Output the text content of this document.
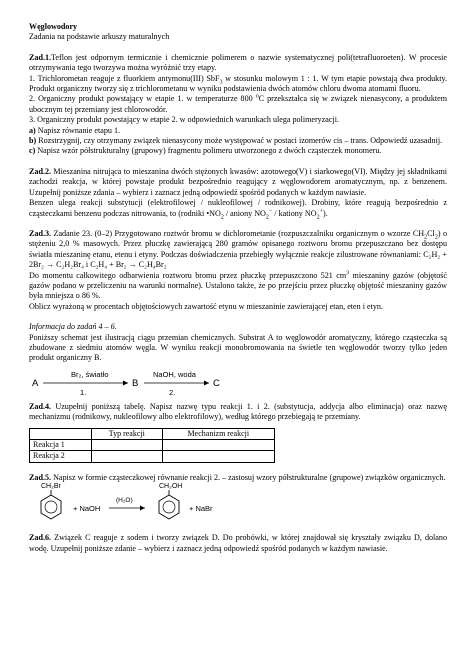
Węglowodory

Zadania na podstawie arkuszy maturalnych

Zad.1.Teflon jest odpornym termicznie i chemicznie polimerem o nazwie systematycznej poli(tetrafluoroeten). W procesie otrzymywania tego tworzywa można wyróżnić trzy etapy.

1. Trichlorometan reaguje z fluorkiem antymonu(III) SbF$_3$ w stosunku molowym 1 : 1. W tym etapie powstają dwa produkty. Produkt organiczny tworzy się z trichlorometanu w wyniku podstawienia dwóch atomów chloru dwoma atomami fluoru.

2. Organiczny produkt powstający w etapie 1. w temperaturze 800 $^o$C przekształca się w związek nienasycony, a produktem ubocznym tej przemiany jest chlorowodór.

3. Organiczny produkt powstający w etapie 2. w odpowiednich warunkach ulega polimeryzacji.

a) Napisz równanie etapu 1.

b) Rozstrzygnij, czy otrzymany związek nienasycony może występować w postaci izomerów cis – trans. Odpowiedź uzasadnij.

c) Napisz wzór półstrukturalny (grupowy) fragmentu polimeru utworzonego z dwóch cząsteczek monomeru.

Zad.2. Mieszanina nitrująca to mieszanina dwóch stężonych kwasów: azotowego(V) i siarkowego(VI). Między jej składnikami zachodzi reakcja, w której powstaje produkt bezpośrednio reagujący z węglowodorem aromatycznym, np. z benzenem. Uzupełnij poniższe zdania – wybierz i zaznacz jedną odpowiedź spośród podanych w każdym nawiasie.

Benzen ulega reakcji substytucji (elektrofilowej / nukleofilowej / rodnikowej). Drobiny, które reagują bezpośrednio z cząsteczkami benzenu podczas nitrowania, to (rodniki $•NO_2$ / aniony $NO_2^-$ / kationy $NO_2^+$).

Zad.3. Zadanie 23. (0–2) Przygotowano roztwór bromu w dichlorometanie (rozpuszczalniku organicznym o wzorze $CH_2Cl_2$) o stężeniu 2,0 % masowych. Przez płuczkę zawierającą 280 gramów opisanego roztworu bromu przepuszczano bez dostępu światła mieszaninę etanu, etenu i etyny. Podczas doświadczenia przebiegły wyłącznie reakcje zilustrowane równaniami: C₂H₂ + 2Br₂ → C₂H₂Br₄ i C₂H₄ + Br₂ → C₂H₄Br₂

Do momentu całkowitego odbarwienia roztworu bromu przez płuczkę przepuszczono 521 $cm^3$ mieszaniny gazów (objętość gazów podano w przeliczeniu na warunki normalne). Ustalono także, że po przejściu przez płuczkę objętość mieszaniny gazów była mniejsza o 86 %.

Oblicz wyrażoną w procentach objętościowych zawartość etynu w mieszaninie zawierającej etan, eten i etyn.

Informacja do zadań 4 – 6.

Poniższy schemat jest ilustracją ciągu przemian chemicznych. Substrat A to węglowodór aromatyczny, którego cząsteczka są zbudowane z siedmiu atomów węgla. W wyniku reakcji monobromowania na świetle ten węglowodór tworzy tylko jeden produkt organiczny B.

A
Br₂, światło
1.
B
NaOH, woda
2.
C

Zad.4. Uzupełnij poniższą tabelę. Napisz nazwę typu reakcji 1. i 2. (substytucja, addycja albo eliminacja) oraz nazwę mechanizmu (rodnikowy, nukleofilowy albo elektrofilowy), według którego przebiegają te przemiany.

	Typ reakcji	Mechanizm reakcji
Reakcja 1		
Reakcja 2		

Zad.5. Napisz w formie cząsteczkowej równanie reakcji 2. – zastosuj wzory półstrukturalne (grupowe) związków organicznych.

CH₂Br
+ NaOH
(H₂O)
CH₂OH
+ NaBr

Zad.6. Związek C reaguje z sodem i tworzy związek D. Do probówki, w której znajdował się kryształy związku D, dolano wodę. Uzupełnij poniższe zdanie – wybierz i zaznacz jedną odpowiedź spośród podanych w każdym nawiasie.
